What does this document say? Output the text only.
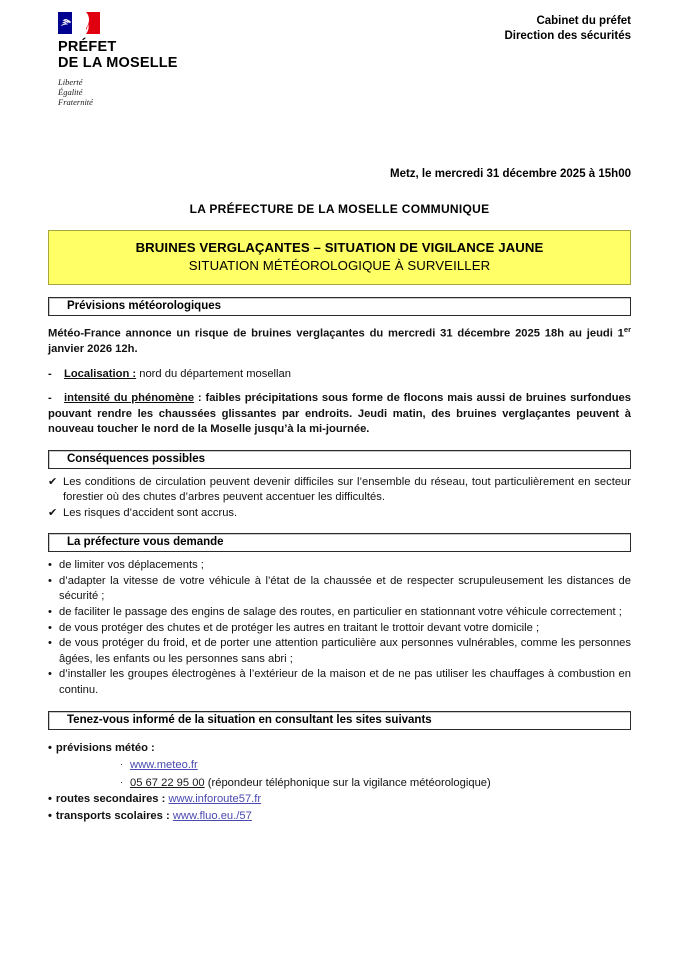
PRÉFET
DE LA MOSELLE
Liberté
Égalité
Fraternité
Cabinet du préfet
Direction des sécurités
Metz, le mercredi 31 décembre 2025 à 15h00
LA PRÉFECTURE DE LA MOSELLE COMMUNIQUE
BRUINES VERGLAÇANTES – SITUATION DE VIGILANCE JAUNE
SITUATION MÉTÉOROLOGIQUE À SURVEILLER
Prévisions météorologiques

Météo-France annonce un risque de bruines verglaçantes du mercredi 31 décembre 2025 18h au jeudi 1er janvier 2026 12h.

- Localisation : nord du département mosellan

- intensité du phénomène : faibles précipitations sous forme de flocons mais aussi de bruines surfondues pouvant rendre les chaussées glissantes par endroits. Jeudi matin, des bruines verglaçantes peuvent à nouveau toucher le nord de la Moselle jusqu’à la mi-journée.

Conséquences possibles

✔ Les conditions de circulation peuvent devenir difficiles sur l’ensemble du réseau, tout particulièrement en secteur forestier où des chutes d’arbres peuvent accentuer les difficultés.

✔ Les risques d’accident sont accrus.

La préfecture vous demande

• de limiter vos déplacements ;

• d’adapter la vitesse de votre véhicule à l’état de la chaussée et de respecter scrupuleusement les distances de sécurité ;

• de faciliter le passage des engins de salage des routes, en particulier en stationnant votre véhicule correctement ;

• de vous protéger des chutes et de protéger les autres en traitant le trottoir devant votre domicile ;

• de vous protéger du froid, et de porter une attention particulière aux personnes vulnérables, comme les personnes âgées, les enfants ou les personnes sans abri ;

• d’installer les groupes électrogènes à l’extérieur de la maison et de ne pas utiliser les chauffages à combustion en continu.

Tenez-vous informé de la situation en consultant les sites suivants

• prévisions météo :

· www.meteo.fr

· 05 67 22 95 00 (répondeur téléphonique sur la vigilance météorologique)

• routes secondaires : www.inforoute57.fr

• transports scolaires : www.fluo.eu./57
